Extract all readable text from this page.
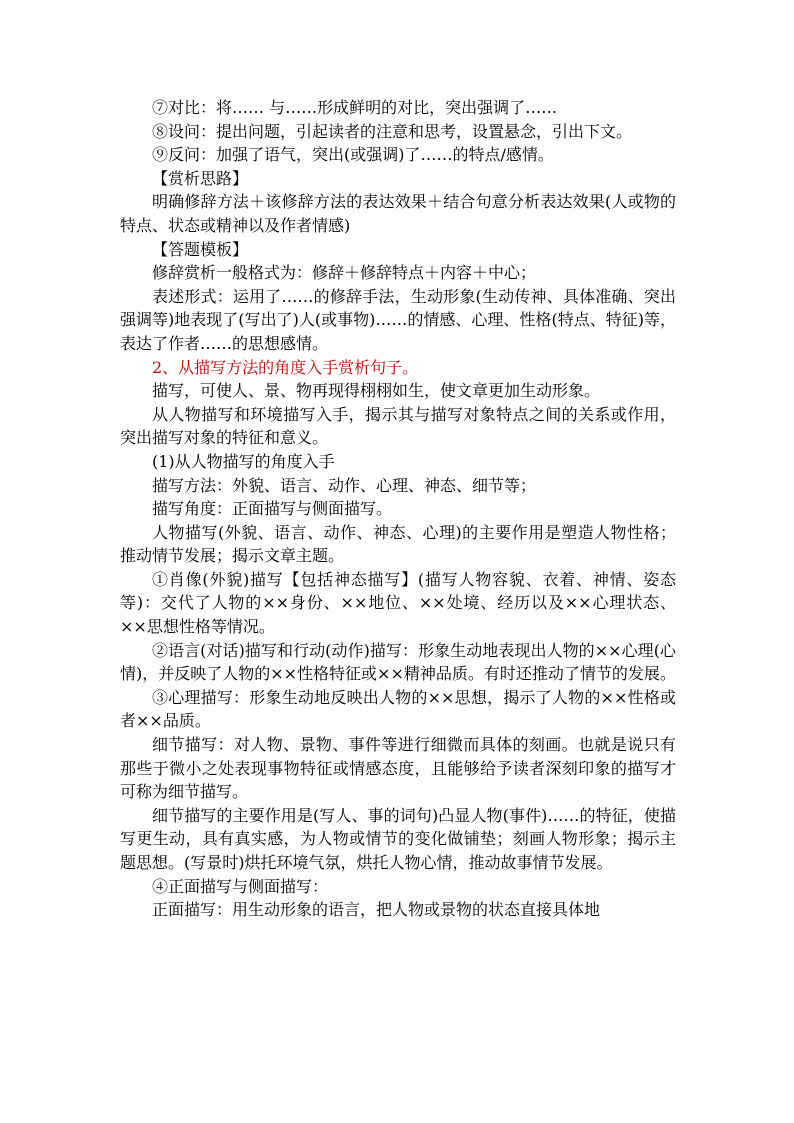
⑦对比：将…… 与……形成鲜明的对比，突出强调了……

⑧设问：提出问题，引起读者的注意和思考，设置悬念，引出下文。

⑨反问：加强了语气，突出(或强调)了……的特点/感情。

【赏析思路】

明确修辞方法＋该修辞方法的表达效果＋结合句意分析表达效果(人或物的特点、状态或精神以及作者情感)

【答题模板】

修辞赏析一般格式为：修辞＋修辞特点＋内容＋中心；

表述形式：运用了……的修辞手法，生动形象(生动传神、具体准确、突出强调等)地表现了(写出了)人(或事物)……的情感、心理、性格(特点、特征)等，表达了作者……的思想感情。

2、从描写方法的角度入手赏析句子。

描写，可使人、景、物再现得栩栩如生，使文章更加生动形象。

从人物描写和环境描写入手，揭示其与描写对象特点之间的关系或作用，突出描写对象的特征和意义。

(1)从人物描写的角度入手

描写方法：外貌、语言、动作、心理、神态、细节等；

描写角度：正面描写与侧面描写。

人物描写(外貌、语言、动作、神态、心理)的主要作用是塑造人物性格；推动情节发展；揭示文章主题。

①肖像(外貌)描写【包括神态描写】(描写人物容貌、衣着、神情、姿态等)：交代了人物的××身份、××地位、××处境、经历以及××心理状态、××思想性格等情况。

②语言(对话)描写和行动(动作)描写：形象生动地表现出人物的××心理(心情)，并反映了人物的××性格特征或××精神品质。有时还推动了情节的发展。

③心理描写：形象生动地反映出人物的××思想，揭示了人物的××性格或者××品质。

细节描写：对人物、景物、事件等进行细微而具体的刻画。也就是说只有那些于微小之处表现事物特征或情感态度，且能够给予读者深刻印象的描写才可称为细节描写。

细节描写的主要作用是(写人、事的词句)凸显人物(事件)……的特征，使描写更生动，具有真实感，为人物或情节的变化做铺垫；刻画人物形象；揭示主题思想。(写景时)烘托环境气氛，烘托人物心情，推动故事情节发展。

④正面描写与侧面描写：

正面描写：用生动形象的语言，把人物或景物的状态直接具体地
